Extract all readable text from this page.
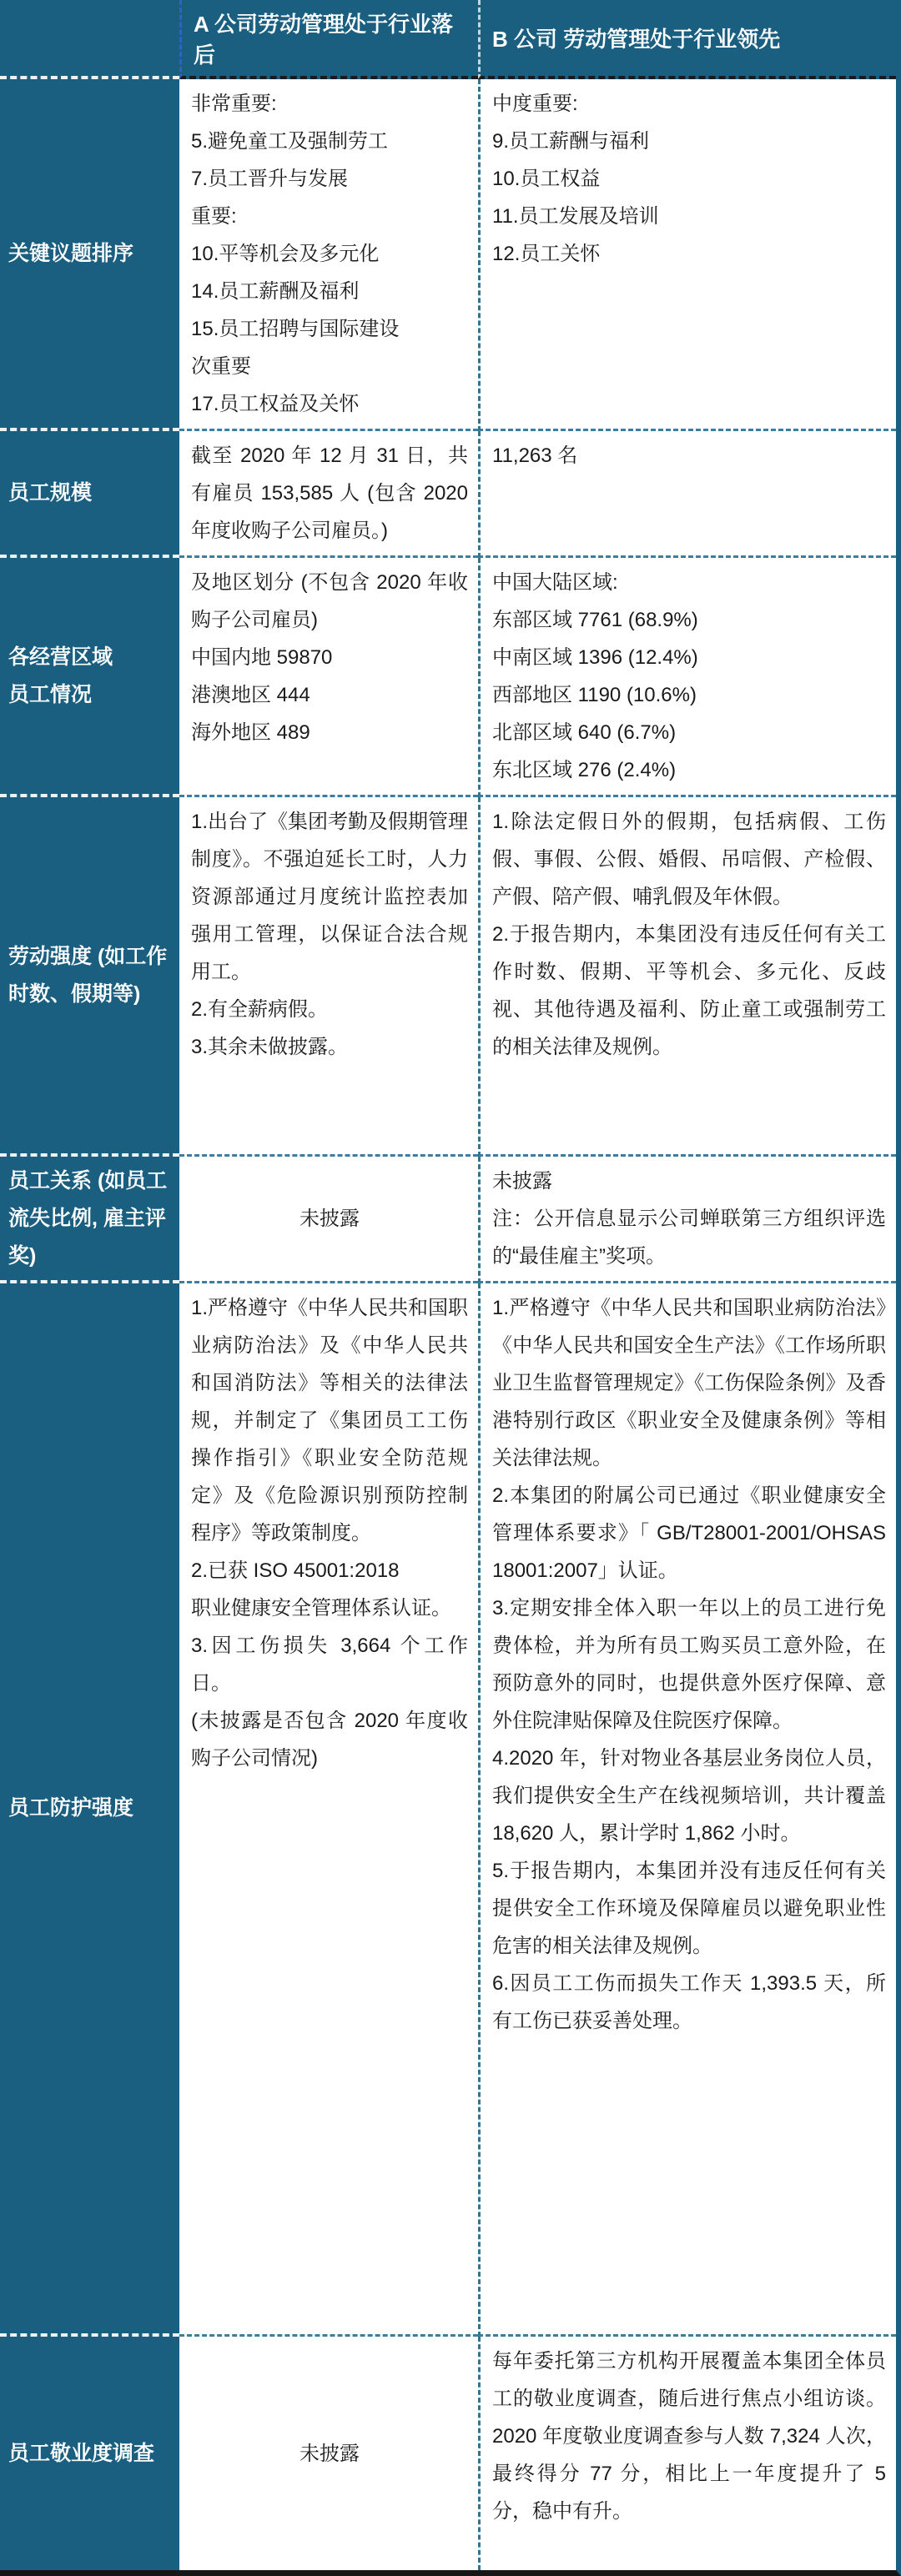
A 公司劳动管理处于行业落后
B 公司 劳动管理处于行业领先

关键议题排序

非常重要:

5.避免童工及强制劳工

7.员工晋升与发展

重要:

10.平等机会及多元化

14.员工薪酬及福利

15.员工招聘与国际建设

次重要

17.员工权益及关怀

中度重要:

9.员工薪酬与福利

10.员工权益

11.员工发展及培训

12.员工关怀

员工规模

截至 2020 年 12 月 31 日，共有雇员 153,585 人 (包含 2020 年度收购子公司雇员。)

11,263 名

各经营区域

员工情况

及地区划分 (不包含 2020 年收购子公司雇员)

中国内地 59870

港澳地区 444

海外地区 489

中国大陆区域:

东部区域 7761 (68.9%)

中南区域 1396 (12.4%)

西部地区 1190 (10.6%)

北部区域 640 (6.7%)

东北区域 276 (2.4%)

劳动强度 (如工作时数、假期等)

1.出台了《集团考勤及假期管理制度》。不强迫延长工时，人力资源部通过月度统计监控表加强用工管理，以保证合法合规用工。

2.有全薪病假。

3.其余未做披露。

1.除法定假日外的假期，包括病假、工伤假、事假、公假、婚假、吊唁假、产检假、产假、陪产假、哺乳假及年休假。

2.于报告期内，本集团没有违反任何有关工作时数、假期、平等机会、多元化、反歧视、其他待遇及福利、防止童工或强制劳工的相关法律及规例。

员工关系 (如员工流失比例, 雇主评奖)

未披露

未披露

注：公开信息显示公司蝉联第三方组织评选的“最佳雇主”奖项。

员工防护强度

1.严格遵守《中华人民共和国职业病防治法》及《中华人民共和国消防法》等相关的法律法规，并制定了《集团员工工伤操作指引》《职业安全防范规定》及《危险源识别预防控制程序》等政策制度。

2.已获 ISO 45001:2018

职业健康安全管理体系认证。

3.因工伤损失 3,664 个工作日。

(未披露是否包含 2020 年度收购子公司情况)

1.严格遵守《中华人民共和国职业病防治法》《中华人民共和国安全生产法》《工作场所职业卫生监督管理规定》《工伤保险条例》及香港特别行政区《职业安全及健康条例》等相关法律法规。

2.本集团的附属公司已通过《职业健康安全管理体系要求》「 GB/T28001-2001/OHSAS 18001:2007」认证。

3.定期安排全体入职一年以上的员工进行免费体检，并为所有员工购买员工意外险，在预防意外的同时，也提供意外医疗保障、意外住院津贴保障及住院医疗保障。

4.2020 年，针对物业各基层业务岗位人员，我们提供安全生产在线视频培训，共计覆盖 18,620 人，累计学时 1,862 小时。

5.于报告期内，本集团并没有违反任何有关提供安全工作环境及保障雇员以避免职业性危害的相关法律及规例。

6.因员工工伤而损失工作天 1,393.5 天，所有工伤已获妥善处理。

员工敬业度调查	未披露

每年委托第三方机构开展覆盖本集团全体员工的敬业度调查，随后进行焦点小组访谈。2020 年度敬业度调查参与人数 7,324 人次，最终得分 77 分，相比上一年度提升了 5 分，稳中有升。
